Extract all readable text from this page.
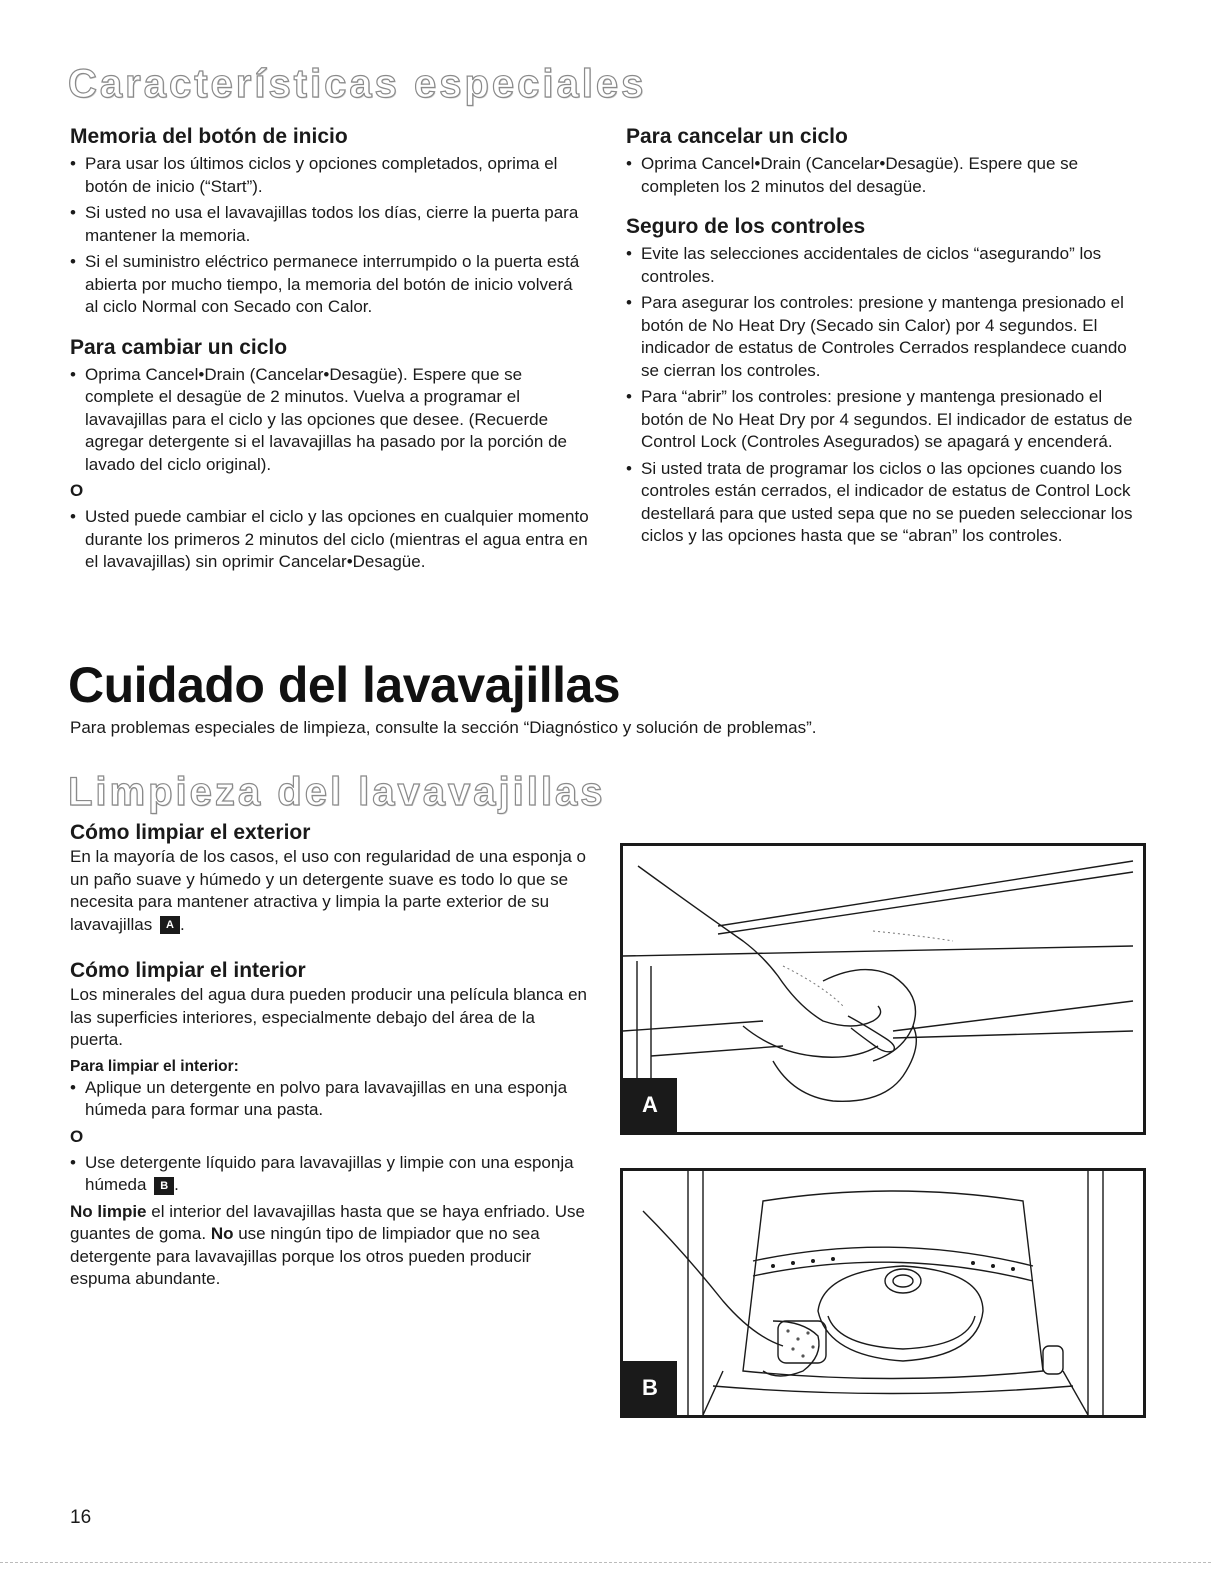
Características especiales
Memoria del botón de inicio
• Para usar los últimos ciclos y opciones completados, oprima el botón de inicio (“Start”).
• Si usted no usa el lavavajillas todos los días, cierre la puerta para mantener la memoria.
• Si el suministro eléctrico permanece interrumpido o la puerta está abierta por mucho tiempo, la memoria del botón de inicio volverá al ciclo Normal con Secado con Calor.
Para cambiar un ciclo
• Oprima Cancel•Drain (Cancelar•Desagüe). Espere que se complete el desagüe de 2 minutos. Vuelva a programar el lavavajillas para el ciclo y las opciones que desee. (Recuerde agregar detergente si el lavavajillas ha pasado por la porción de lavado del ciclo original).
O
• Usted puede cambiar el ciclo y las opciones en cualquier momento durante los primeros 2 minutos del ciclo (mientras el agua entra en el lavavajillas) sin oprimir Cancelar•Desagüe.
Para cancelar un ciclo
• Oprima Cancel•Drain (Cancelar•Desagüe). Espere que se completen los 2 minutos del desagüe.
Seguro de los controles
• Evite las selecciones accidentales de ciclos “asegurando” los controles.
• Para asegurar los controles: presione y mantenga presionado el botón de No Heat Dry (Secado sin Calor) por 4 segundos. El indicador de estatus de Controles Cerrados resplandece cuando se cierran los controles.
• Para “abrir” los controles: presione y mantenga presionado el botón de No Heat Dry por 4 segundos. El indicador de estatus de Control Lock (Controles Asegurados) se apagará y encenderá.
• Si usted trata de programar los ciclos o las opciones cuando los controles están cerrados, el indicador de estatus de Control Lock destellará para que usted sepa que no se pueden seleccionar los ciclos y las opciones hasta que se “abran” los controles.
Cuidado del lavavajillas
Para problemas especiales de limpieza, consulte la sección “Diagnóstico y solución de problemas”.
Limpieza del lavavajillas
Cómo limpiar el exterior
En la mayoría de los casos, el uso con regularidad de una esponja o un paño suave y húmedo y un detergente suave es todo lo que se necesita para mantener atractiva y limpia la parte exterior de su lavavajillas A .
Cómo limpiar el interior
Los minerales del agua dura pueden producir una película blanca en las superficies interiores, especialmente debajo del área de la puerta.
Para limpiar el interior:
• Aplique un detergente en polvo para lavavajillas en una esponja húmeda para formar una pasta.
O
• Use detergente líquido para lavavajillas y limpie con una esponja húmeda B .
No limpie el interior del lavavajillas hasta que se haya enfriado. Use guantes de goma. No use ningún tipo de limpiador que no sea detergente para lavavajillas porque los otros pueden producir espuma abundante.
A
B
16
